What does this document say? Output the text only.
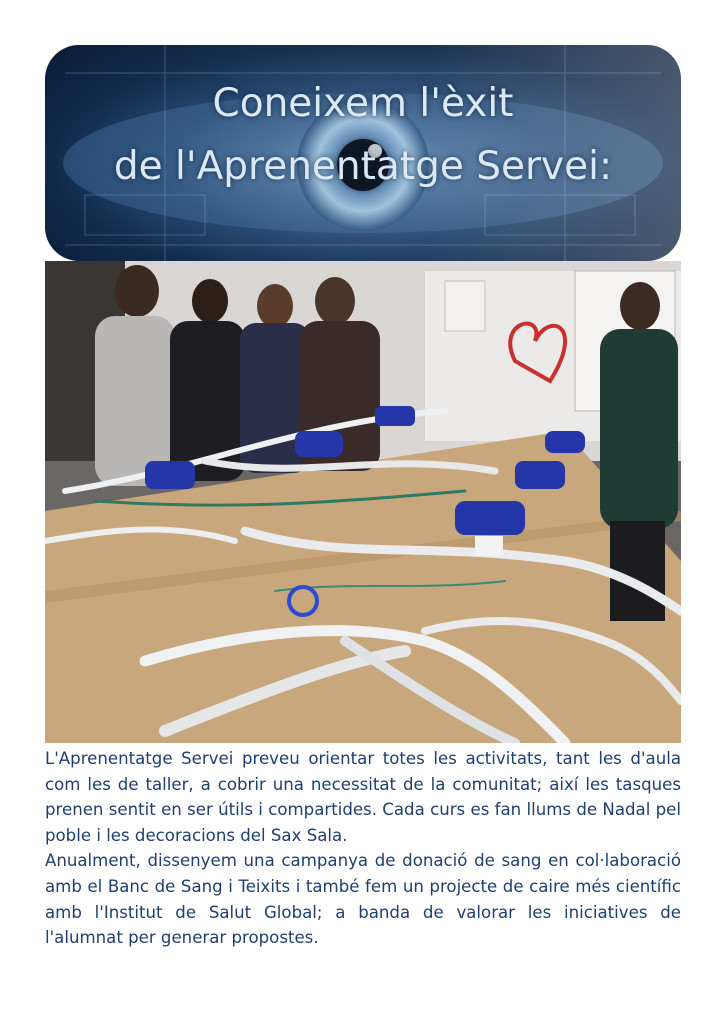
Coneixem l'èxit
de l'Aprenentatge Servei:

L'Aprenentatge Servei preveu orientar totes les activitats, tant les d'aula com les de taller, a cobrir una necessitat de la comunitat; així les tasques prenen sentit en ser útils i compartides. Cada curs es fan llums de Nadal pel poble i les decoracions del Sax Sala.

Anualment, dissenyem una campanya de donació de sang en col·laboració amb el Banc de Sang i Teixits i també fem un projecte de caire més científic amb l'Institut de Salut Global; a banda de valorar les iniciatives de l'alumnat per generar propostes.
